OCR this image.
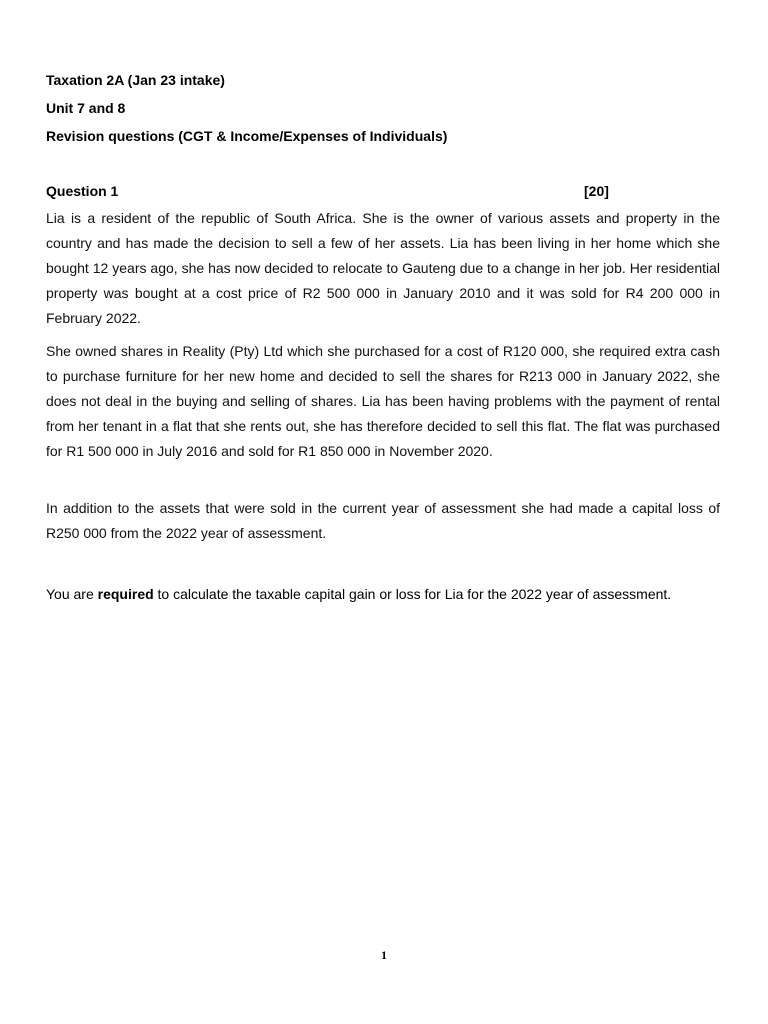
Taxation 2A (Jan 23 intake)
Unit 7 and 8
Revision questions (CGT & Income/Expenses of Individuals)
Question 1	[20]
Lia is a resident of the republic of South Africa. She is the owner of various assets and property in the country and has made the decision to sell a few of her assets. Lia has been living in her home which she bought 12 years ago, she has now decided to relocate to Gauteng due to a change in her job. Her residential property was bought at a cost price of R2 500 000 in January 2010 and it was sold for R4 200 000 in February 2022.
She owned shares in Reality (Pty) Ltd which she purchased for a cost of R120 000, she required extra cash to purchase furniture for her new home and decided to sell the shares for R213 000 in January 2022, she does not deal in the buying and selling of shares. Lia has been having problems with the payment of rental from her tenant in a flat that she rents out, she has therefore decided to sell this flat. The flat was purchased for R1 500 000 in July 2016 and sold for R1 850 000 in November 2020.
In addition to the assets that were sold in the current year of assessment she had made a capital loss of R250 000 from the 2022 year of assessment.
You are required to calculate the taxable capital gain or loss for Lia for the 2022 year of assessment.
1
